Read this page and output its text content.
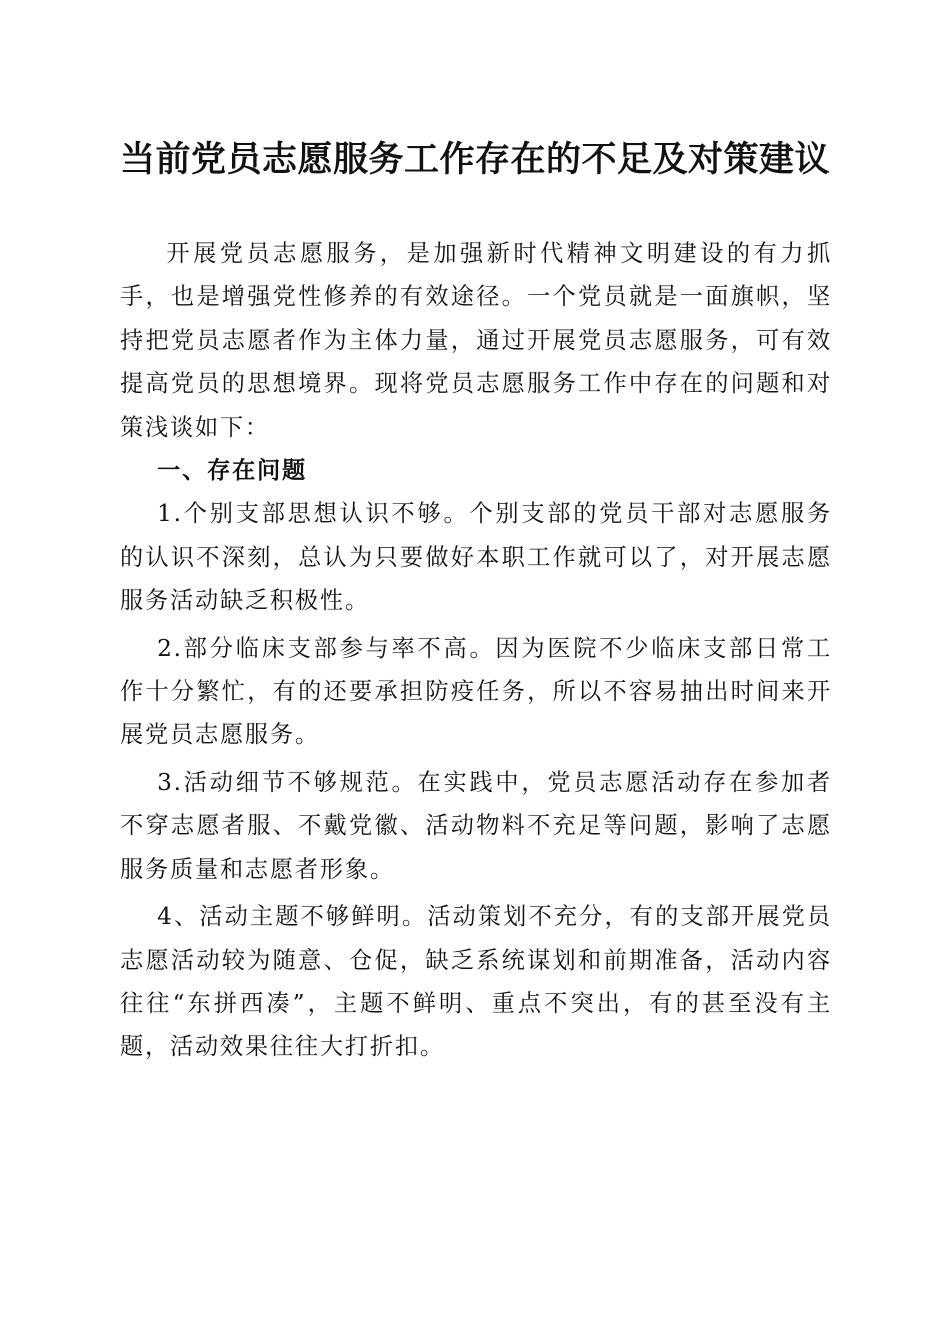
当前党员志愿服务工作存在的不足及对策建议

开展党员志愿服务，是加强新时代精神文明建设的有力抓手，也是增强党性修养的有效途径。一个党员就是一面旗帜，坚持把党员志愿者作为主体力量，通过开展党员志愿服务，可有效提高党员的思想境界。现将党员志愿服务工作中存在的问题和对策浅谈如下：

一、存在问题

1.个别支部思想认识不够。个别支部的党员干部对志愿服务的认识不深刻，总认为只要做好本职工作就可以了，对开展志愿服务活动缺乏积极性。

2.部分临床支部参与率不高。因为医院不少临床支部日常工作十分繁忙，有的还要承担防疫任务，所以不容易抽出时间来开展党员志愿服务。

3.活动细节不够规范。在实践中，党员志愿活动存在参加者不穿志愿者服、不戴党徽、活动物料不充足等问题，影响了志愿服务质量和志愿者形象。

4、活动主题不够鲜明。活动策划不充分，有的支部开展党员志愿活动较为随意、仓促，缺乏系统谋划和前期准备，活动内容往往“东拼西凑”，主题不鲜明、重点不突出，有的甚至没有主题，活动效果往往大打折扣。
